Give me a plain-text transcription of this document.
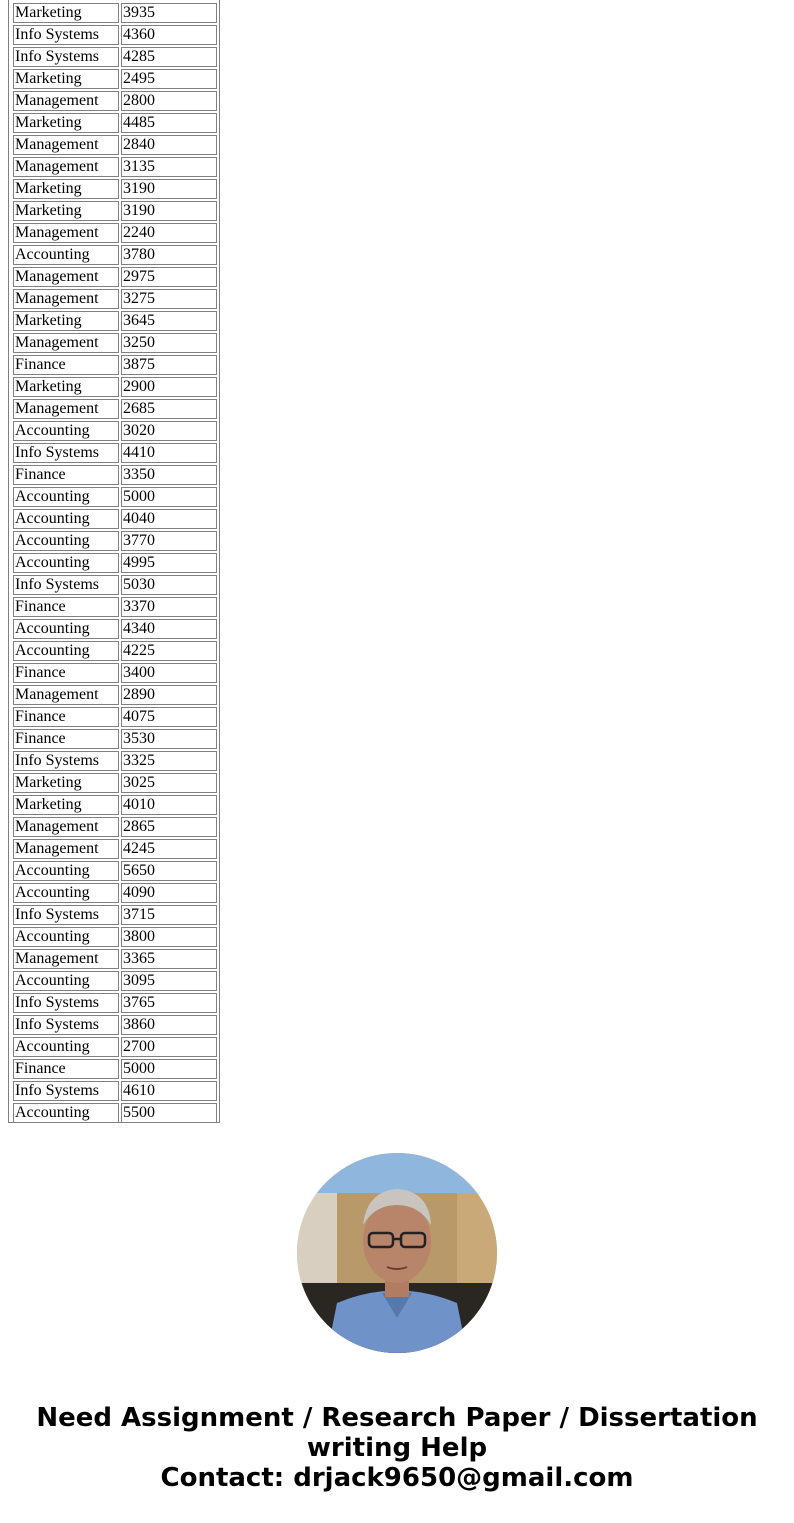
Marketing	3935
Info Systems	4360
Info Systems	4285
Marketing	2495
Management	2800
Marketing	4485
Management	2840
Management	3135
Marketing	3190
Marketing	3190
Management	2240
Accounting	3780
Management	2975
Management	3275
Marketing	3645
Management	3250
Finance	3875
Marketing	2900
Management	2685
Accounting	3020
Info Systems	4410
Finance	3350
Accounting	5000
Accounting	4040
Accounting	3770
Accounting	4995
Info Systems	5030
Finance	3370
Accounting	4340
Accounting	4225
Finance	3400
Management	2890
Finance	4075
Finance	3530
Info Systems	3325
Marketing	3025
Marketing	4010
Management	2865
Management	4245
Accounting	5650
Accounting	4090
Info Systems	3715
Accounting	3800
Management	3365
Accounting	3095
Info Systems	3765
Info Systems	3860
Accounting	2700
Finance	5000
Info Systems	4610
Accounting	5500
Need Assignment / Research Paper / Dissertation
writing Help
Contact: drjack9650@gmail.com
